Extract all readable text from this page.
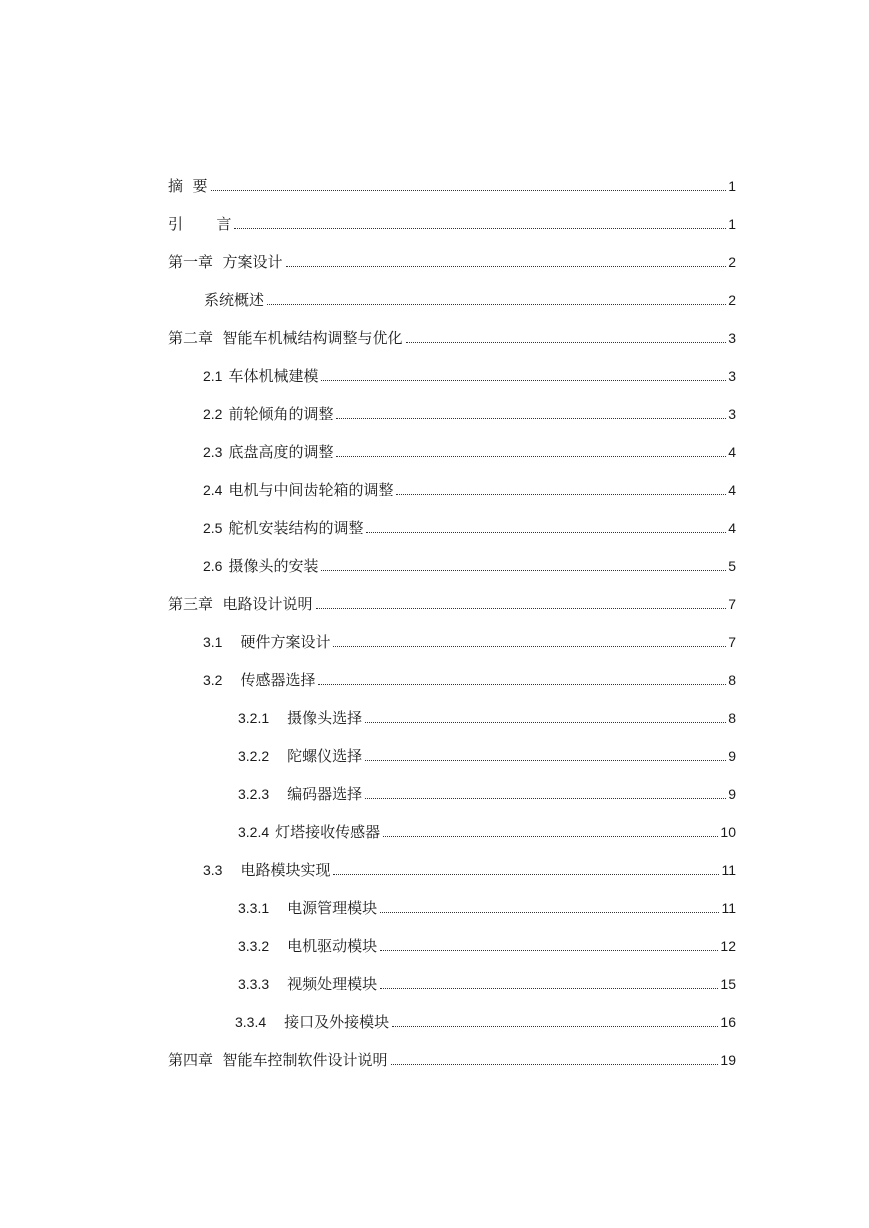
摘  要	1
引       言	1
第一章  方案设计	2
系统概述	2
第二章  智能车机械结构调整与优化	3
2.1 车体机械建模	3
2.2 前轮倾角的调整	3
2.3 底盘高度的调整	4
2.4 电机与中间齿轮箱的调整	4
2.5 舵机安装结构的调整	4
2.6 摄像头的安装	5
第三章  电路设计说明	7
3.1 硬件方案设计	7
3.2 传感器选择	8
3.2.1 摄像头选择	8
3.2.2 陀螺仪选择	9
3.2.3 编码器选择	9
3.2.4 灯塔接收传感器	10
3.3 电路模块实现	11
3.3.1 电源管理模块	11
3.3.2 电机驱动模块	12
3.3.3 视频处理模块	15
3.3.4 接口及外接模块	16
第四章  智能车控制软件设计说明	19
